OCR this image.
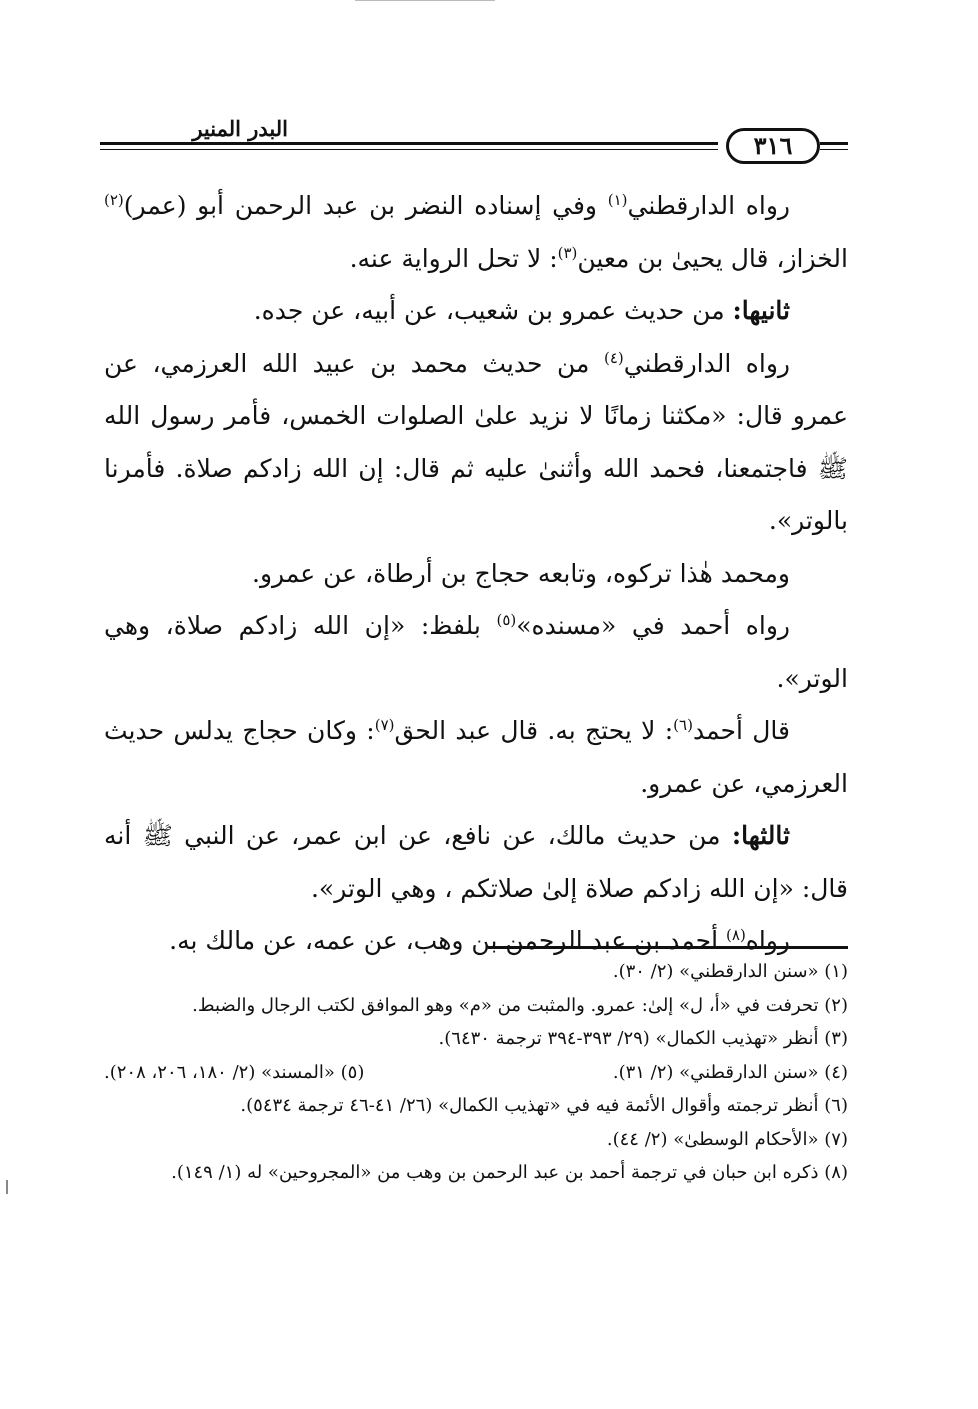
البدر المنير
٣١٦

رواه الدارقطني$^{(١)}$ وفي إسناده النضر بن عبد الرحمن أبو (عمر)$^{(٢)}$ الخزاز، قال يحيىٰ بن معين$^{(٣)}$: لا تحل الرواية عنه.

ثانيها: من حديث عمرو بن شعيب، عن أبيه، عن جده.

رواه الدارقطني$^{(٤)}$ من حديث محمد بن عبيد الله العرزمي، عن عمرو قال: «مكثنا زمانًا لا نزيد علىٰ الصلوات الخمس، فأمر رسول الله ﷺ فاجتمعنا، فحمد الله وأثنىٰ عليه ثم قال: إن الله زادكم صلاة. فأمرنا بالوتر».

ومحمد هٰذا تركوه، وتابعه حجاج بن أرطاة، عن عمرو.

رواه أحمد في «مسنده»$^{(٥)}$ بلفظ: «إن الله زادكم صلاة، وهي الوتر».

قال أحمد$^{(٦)}$: لا يحتج به. قال عبد الحق$^{(٧)}$: وكان حجاج يدلس حديث العرزمي، عن عمرو.

ثالثها: من حديث مالك، عن نافع، عن ابن عمر، عن النبي ﷺ أنه قال: «إن الله زادكم صلاة إلىٰ صلاتكم ، وهي الوتر».

رواه$^{(٨)}$ أحمد بن عبد الرحمن بن وهب، عن عمه، عن مالك به.

(١) «سنن الدارقطني» (٢/ ٣٠).

(٢) تحرفت في «أ، ل» إلىٰ: عمرو. والمثبت من «م» وهو الموافق لكتب الرجال والضبط.

(٣) أنظر «تهذيب الكمال» (٢٩/ ٣٩٣-٣٩٤ ترجمة ٦٤٣٠).

(٤) «سنن الدارقطني» (٢/ ٣١).
(٥) «المسند» (٢/ ١٨٠، ٢٠٦، ٢٠٨).

(٦) أنظر ترجمته وأقوال الأئمة فيه في «تهذيب الكمال» (٢٦/ ٤١-٤٦ ترجمة ٥٤٣٤).

(٧) «الأحكام الوسطىٰ» (٢/ ٤٤).

(٨) ذكره ابن حبان في ترجمة أحمد بن عبد الرحمن بن وهب من «المجروحين» له (١/ ١٤٩).
